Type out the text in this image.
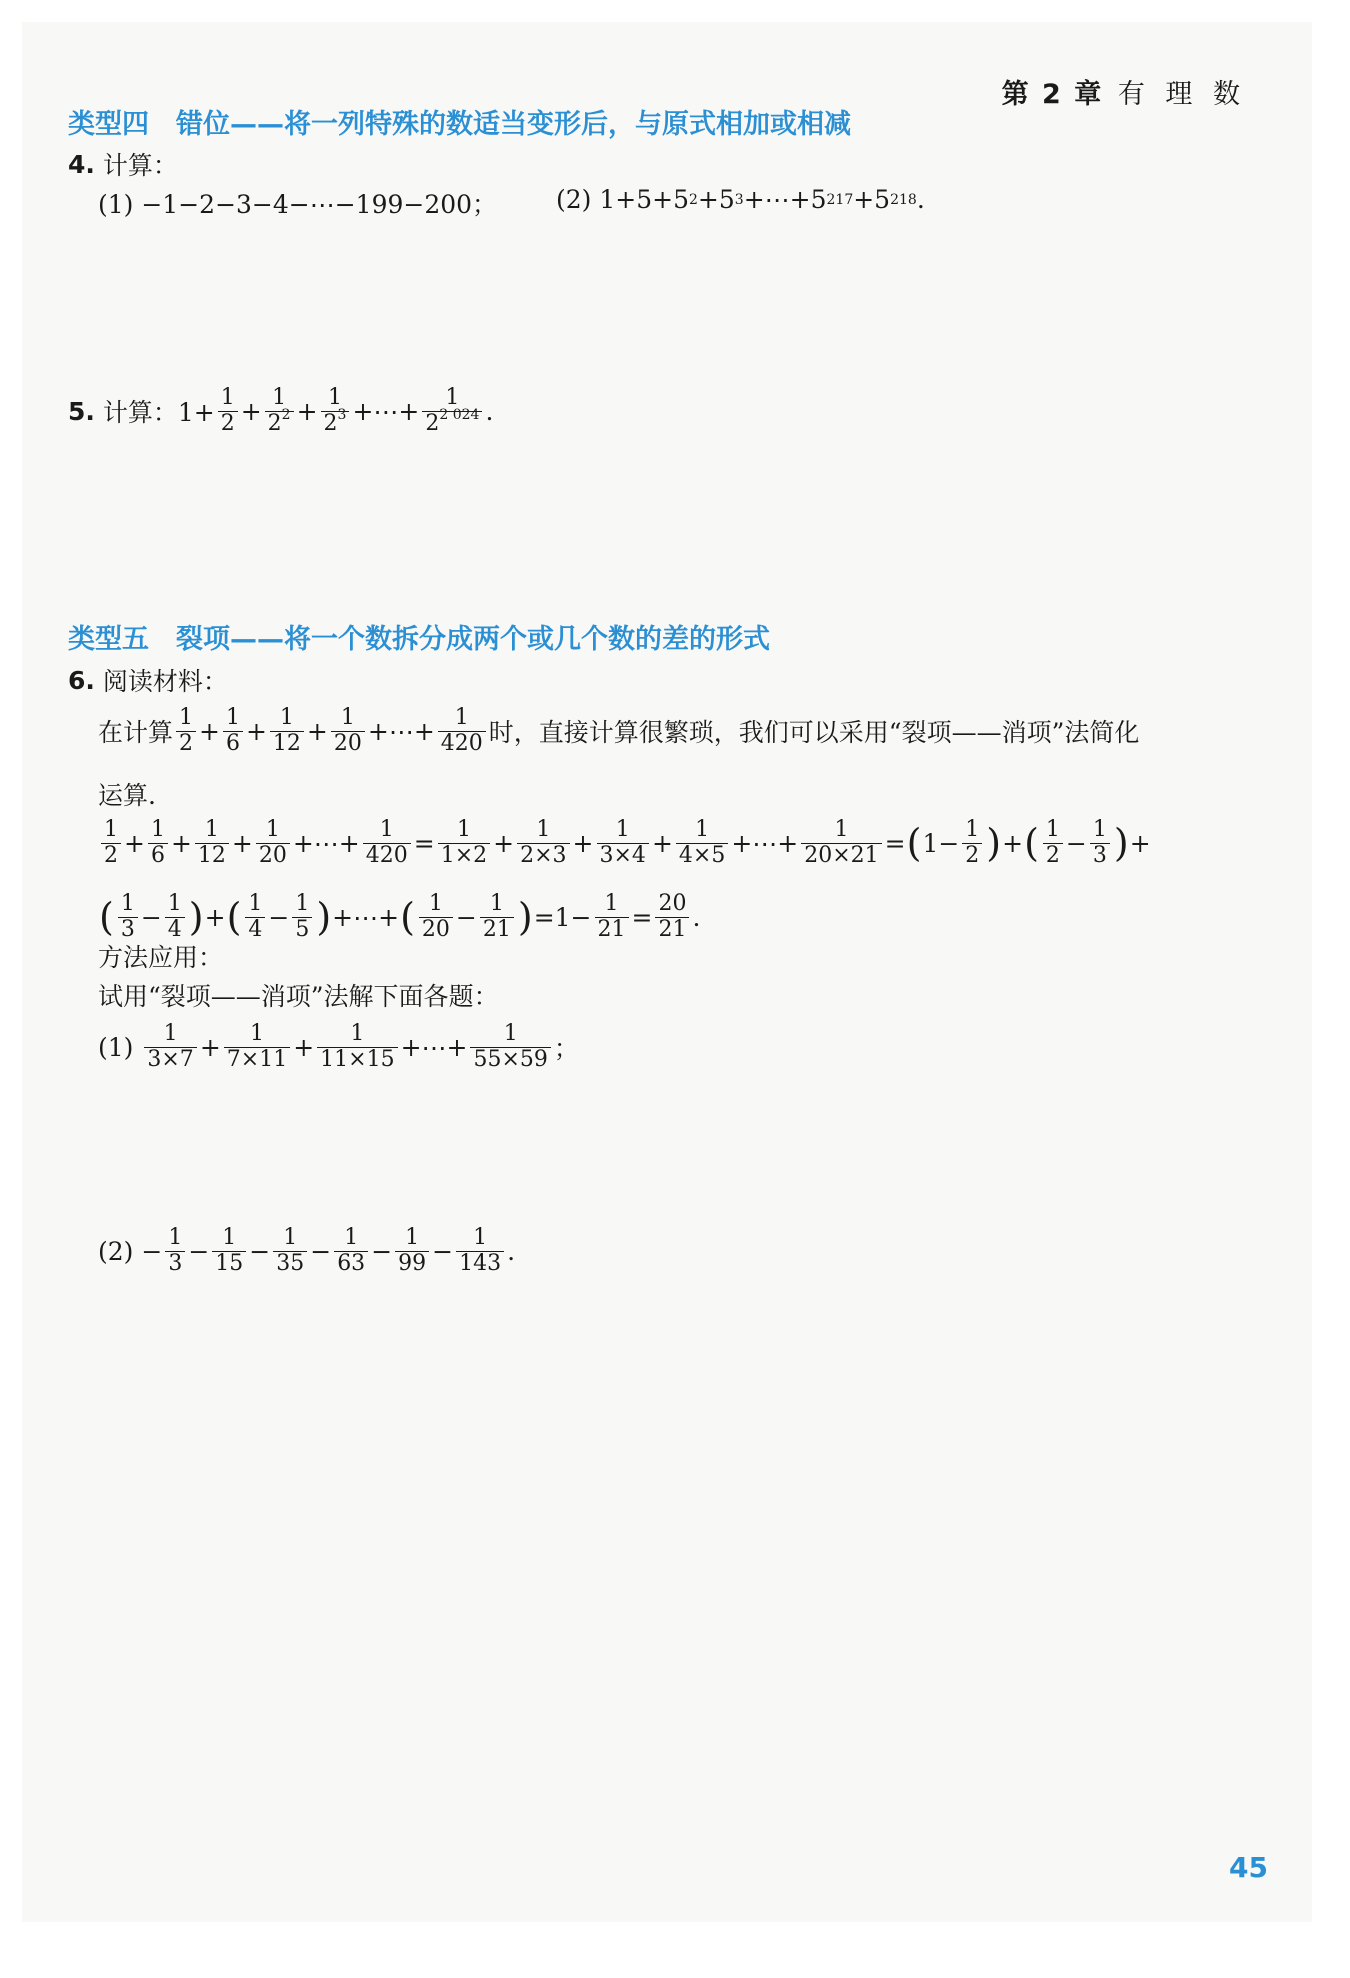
第 2 章 有 理 数
类型四　错位——将一列特殊的数适当变形后，与原式相加或相减
4.
计算：
(1) −1−2−3−4−⋯−199−200； (2) 1+5+5 2 +5 3 +⋯+5 217 +5 218 .
5.
计算：$1+ \frac{1}{2} + \frac{1}{2^2} + \frac{1}{2^3}$ +⋯+ $\frac{1}{2^{2 024}}$ .
类型五　裂项——将一个数拆分成两个或几个数的差的形式
6.
阅读材料：
在计算 $\frac{1}{2} + \frac{1}{6} + \frac{1}{12} + \frac{1}{20}$ +⋯+ $\frac{1}{420}$ 时，直接计算很繁琐，我们可以采用“裂项——消项”法简化
运算.
$\frac{1}{2} + \frac{1}{6} + \frac{1}{12} + \frac{1}{20}$ +⋯+ $\frac{1}{420} = \frac{1}{1\times 2} + \frac{1}{2\times 3} + \frac{1}{3\times 4} + \frac{1}{4\times 5}$ +⋯+ $\frac{1}{20\times 21}$ = ( $1 - \frac{1}{2}$ ) + ( $\frac{1}{2} - \frac{1}{3}$ ) +
( $\frac{1}{3} - \frac{1}{4}$ ) + ( $\frac{1}{4} - \frac{1}{5}$ ) +⋯+ ( $\frac{1}{20} - \frac{1}{21}$ ) = $1 - \frac{1}{21} = \frac{20}{21}$ .
方法应用：
试用“裂项——消项”法解下面各题：
(1)
$\frac{1}{3\times 7} + \frac{1}{7\times 11} + \frac{1}{11\times 15}$ +⋯+ $\frac{1}{55\times 59}$ ；
(2)
− $\frac{1}{3} - \frac{1}{15} - \frac{1}{35} - \frac{1}{63} - \frac{1}{99} - \frac{1}{143}$ .
45
